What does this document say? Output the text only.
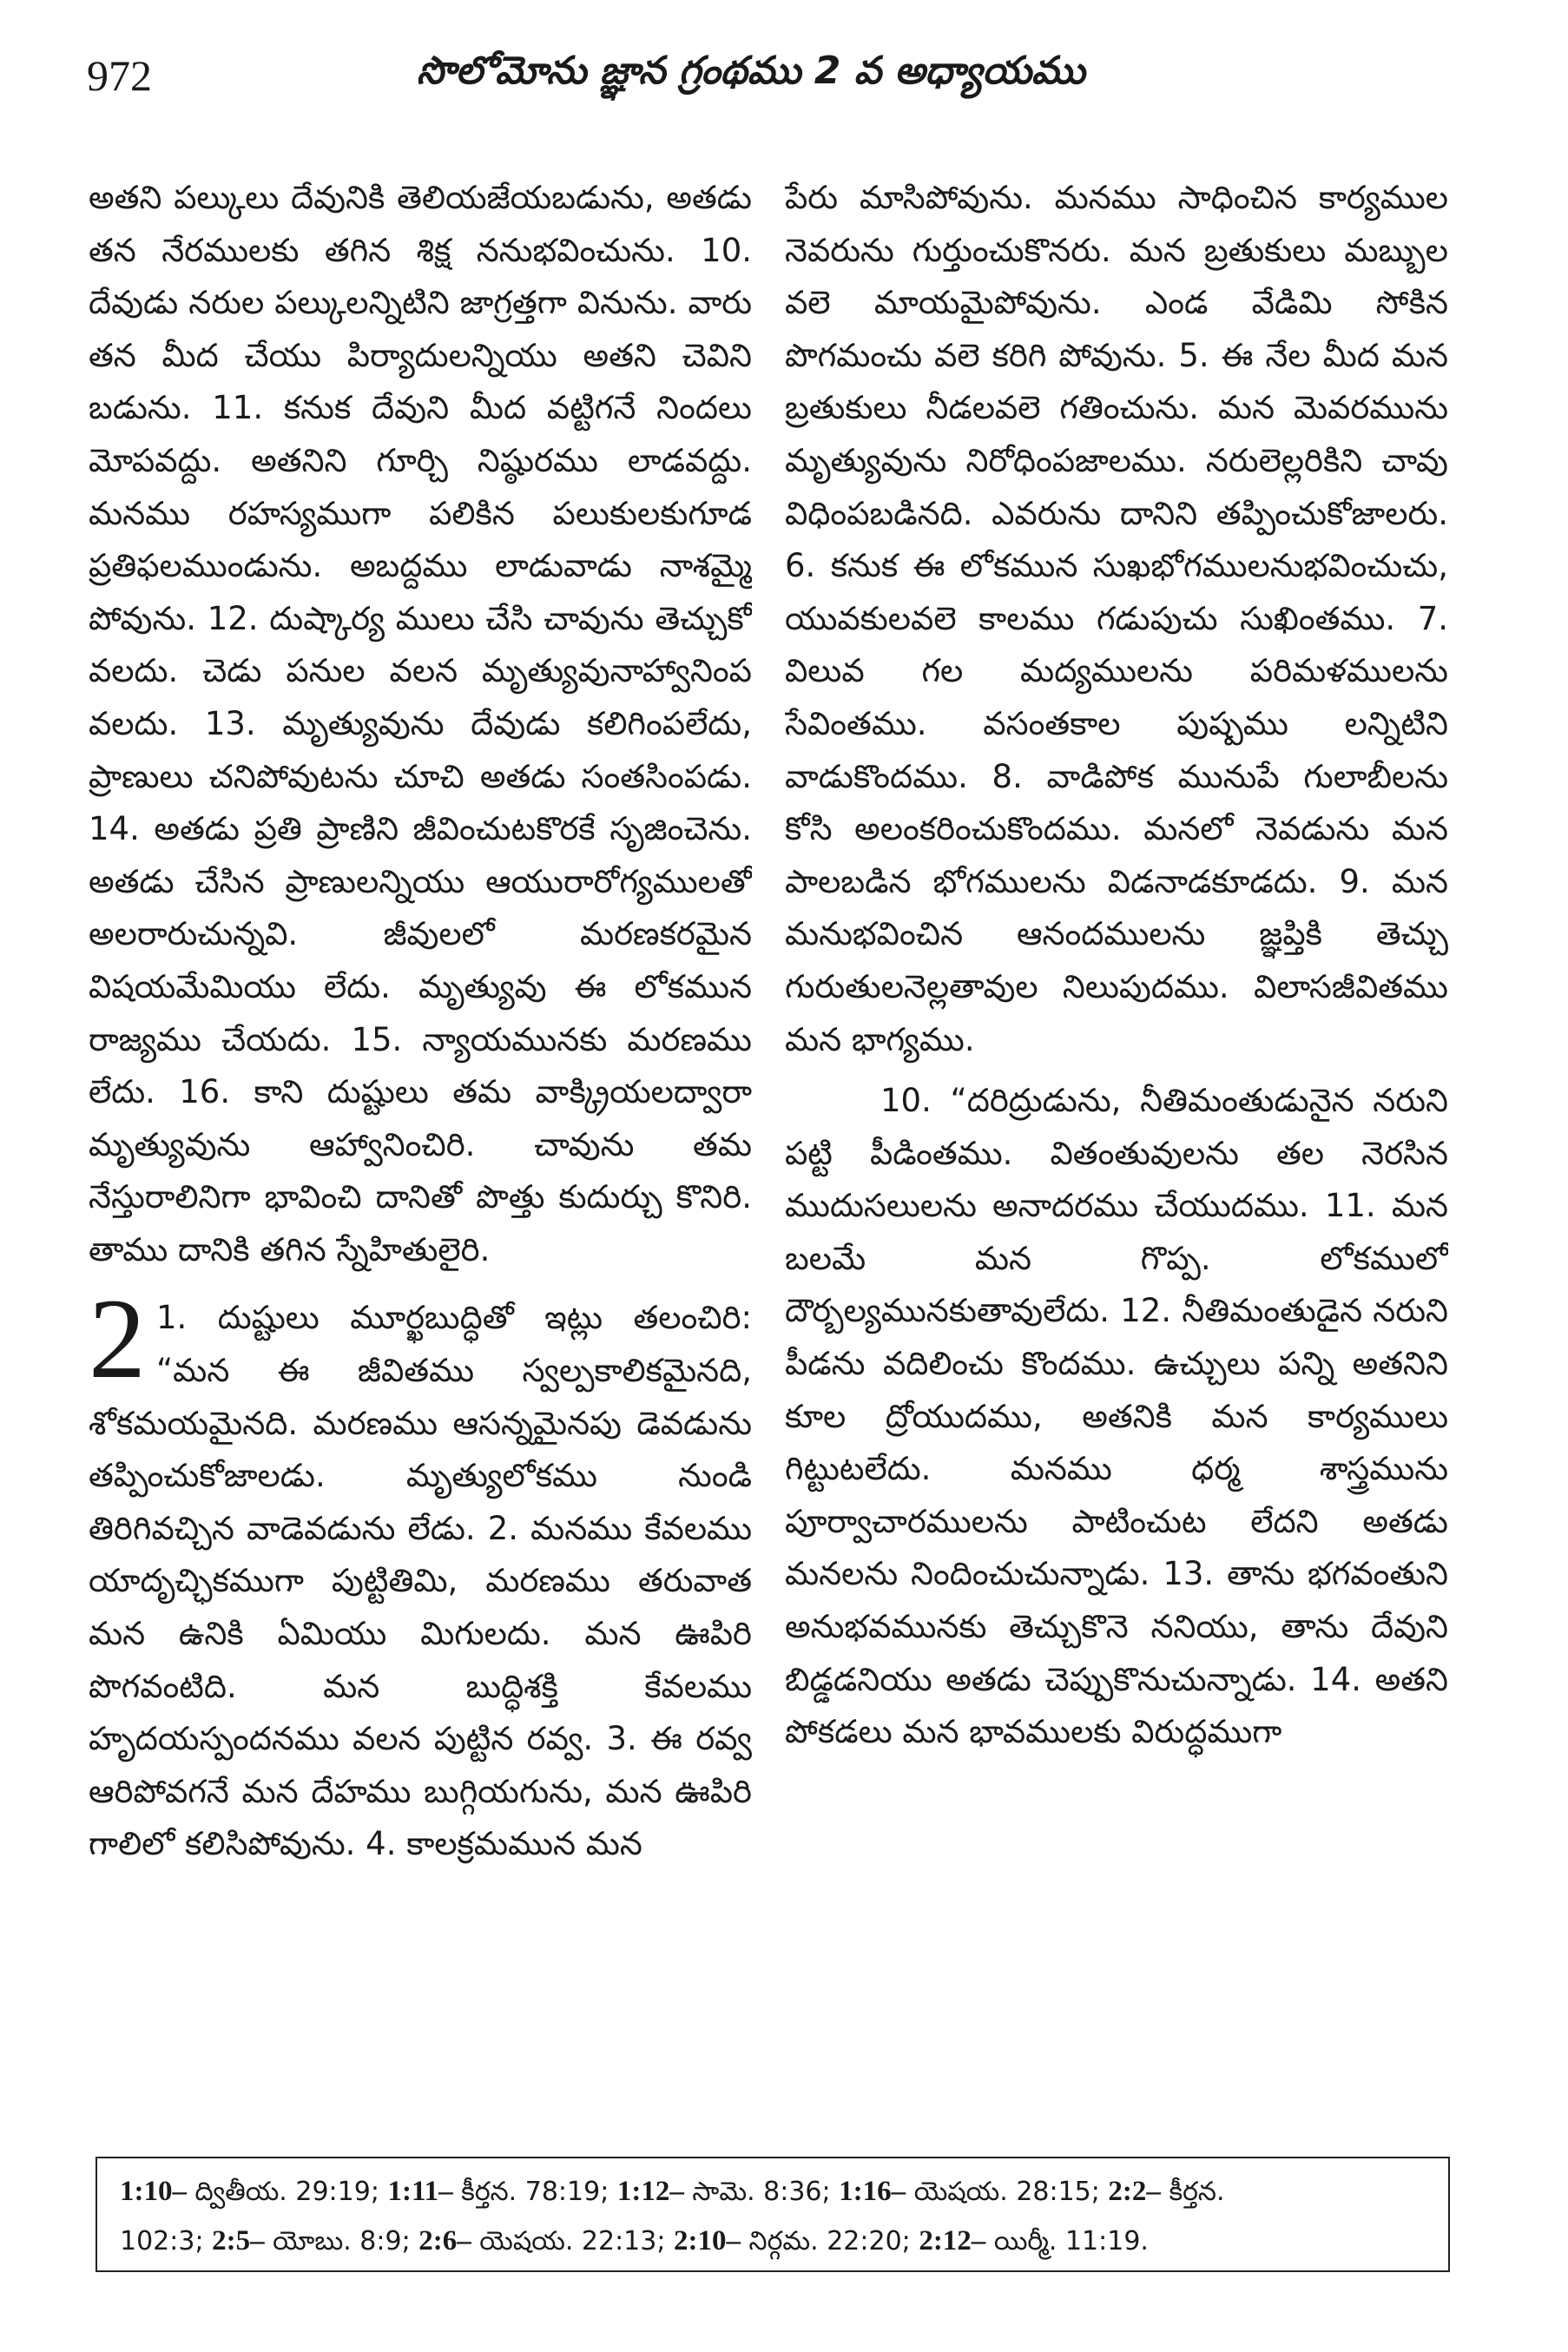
972	సొలోమోను జ్ఞాన గ్రంథము 2 వ అధ్యాయము

అతని పల్కులు దేవునికి తెలియజేయబడును, అతడు తన నేరములకు తగిన శిక్ష ననుభవించును. 10. దేవుడు నరుల పల్కులన్నిటిని జాగ్రత్తగా వినును. వారు తన మీద చేయు పిర్యాదులన్నియు అతని చెవిని బడును. 11. కనుక దేవుని మీద వట్టిగనే నిందలు మోపవద్దు. అతనిని గూర్చి నిష్ఠురము లాడవద్దు. మనము రహస్యముగా పలికిన పలుకులకుగూడ ప్రతిఫలముండును. అబద్దము లాడువాడు నాశమ్మై పోవును. 12. దుష్కార్య ములు చేసి చావును తెచ్చుకో వలదు. చెడు పనుల వలన మృత్యువునాహ్వానింప వలదు. 13. మృత్యువును దేవుడు కలిగింపలేదు, ప్రాణులు చనిపోవుటను చూచి అతడు సంతసింపడు. 14. అతడు ప్రతి ప్రాణిని జీవించుటకొరకే సృజించెను. అతడు చేసిన ప్రాణులన్నియు ఆయురారోగ్యములతో అలరారుచున్నవి. జీవులలో మరణకరమైన విషయమేమియు లేదు. మృత్యువు ఈ లోకమున రాజ్యము చేయదు. 15. న్యాయమునకు మరణము లేదు. 16. కాని దుష్టులు తమ వాక్క్రియలద్వారా మృత్యువును ఆహ్వానించిరి. చావును తమ నేస్తురాలినిగా భావించి దానితో పొత్తు కుదుర్చు కొనిరి. తాము దానికి తగిన స్నేహితులైరి.

2 1. దుష్టులు మూర్ఖబుద్ధితో ఇట్లు తలంచిరి: “మన ఈ జీవితము స్వల్పకాలికమైనది, శోకమయమైనది. మరణము ఆసన్నమైనపు డెవడును తప్పించుకోజాలడు. మృత్యులోకము నుండి తిరిగివచ్చిన వాడెవడును లేడు. 2. మనము కేవలము యాదృచ్ఛికముగా పుట్టితిమి, మరణము తరువాత మన ఉనికి ఏమియు మిగులదు. మన ఊపిరి పొగవంటిది. మన బుద్ధిశక్తి కేవలము హృదయస్పందనము వలన పుట్టిన రవ్వ. 3. ఈ రవ్వ ఆరిపోవగనే మన దేహము బుగ్గియగును, మన ఊపిరి గాలిలో కలిసిపోవును. 4. కాలక్రమమున మన

పేరు మాసిపోవును. మనము సాధించిన కార్యముల నెవరును గుర్తుంచుకొనరు. మన బ్రతుకులు మబ్బుల వలె మాయమైపోవును. ఎండ వేడిమి సోకిన పొగమంచు వలె కరిగి పోవును. 5. ఈ నేల మీద మన బ్రతుకులు నీడలవలె గతించును. మన మెవరమును మృత్యువును నిరోధింపజాలము. నరులెల్లరికిని చావు విధింపబడినది. ఎవరును దానిని తప్పించుకోజాలరు. 6. కనుక ఈ లోకమున సుఖభోగములనుభవించుచు, యువకులవలె కాలము గడుపుచు సుఖింతము. 7. విలువ గల మద్యములను పరిమళములను సేవింతము. వసంతకాల పుష్పము లన్నిటిని వాడుకొందము. 8. వాడిపోక మునుపే గులాబీలను కోసి అలంకరించుకొందము. మనలో నెవడును మన పాలబడిన భోగములను విడనాడకూడదు. 9. మన మనుభవించిన ఆనందములను జ్ఞప్తికి తెచ్చు గురుతులనెల్లతావుల నిలుపుదము. విలాసజీవితము మన భాగ్యము.

10. “దరిద్రుడును, నీతిమంతుడునైన నరుని పట్టి పీడింతము. వితంతువులను తల నెరసిన ముదుసలులను అనాదరము చేయుదము. 11. మన బలమే మన గొప్ప. లోకములో దౌర్బల్యమునకుతావులేదు. 12. నీతిమంతుడైన నరుని పీడను వదిలించు కొందము. ఉచ్చులు పన్ని అతనిని కూల ద్రోయుదము, అతనికి మన కార్యములు గిట్టుటలేదు. మనము ధర్మ శాస్త్రమును పూర్వాచారములను పాటించుట లేదని అతడు మనలను నిందించుచున్నాడు. 13. తాను భగవంతుని అనుభవమునకు తెచ్చుకొనె ననియు, తాను దేవుని బిడ్డడనియు అతడు చెప్పుకొనుచున్నాడు. 14. అతని పోకడలు మన భావములకు విరుద్ధముగా

1:10– ద్వితీయ. 29:19; 1:11– కీర్తన. 78:19; 1:12– సామె. 8:36; 1:16– యెషయ. 28:15; 2:2– కీర్తన.
102:3; 2:5– యోబు. 8:9; 2:6– యెషయ. 22:13; 2:10– నిర్గమ. 22:20; 2:12– యిర్మీ. 11:19.
